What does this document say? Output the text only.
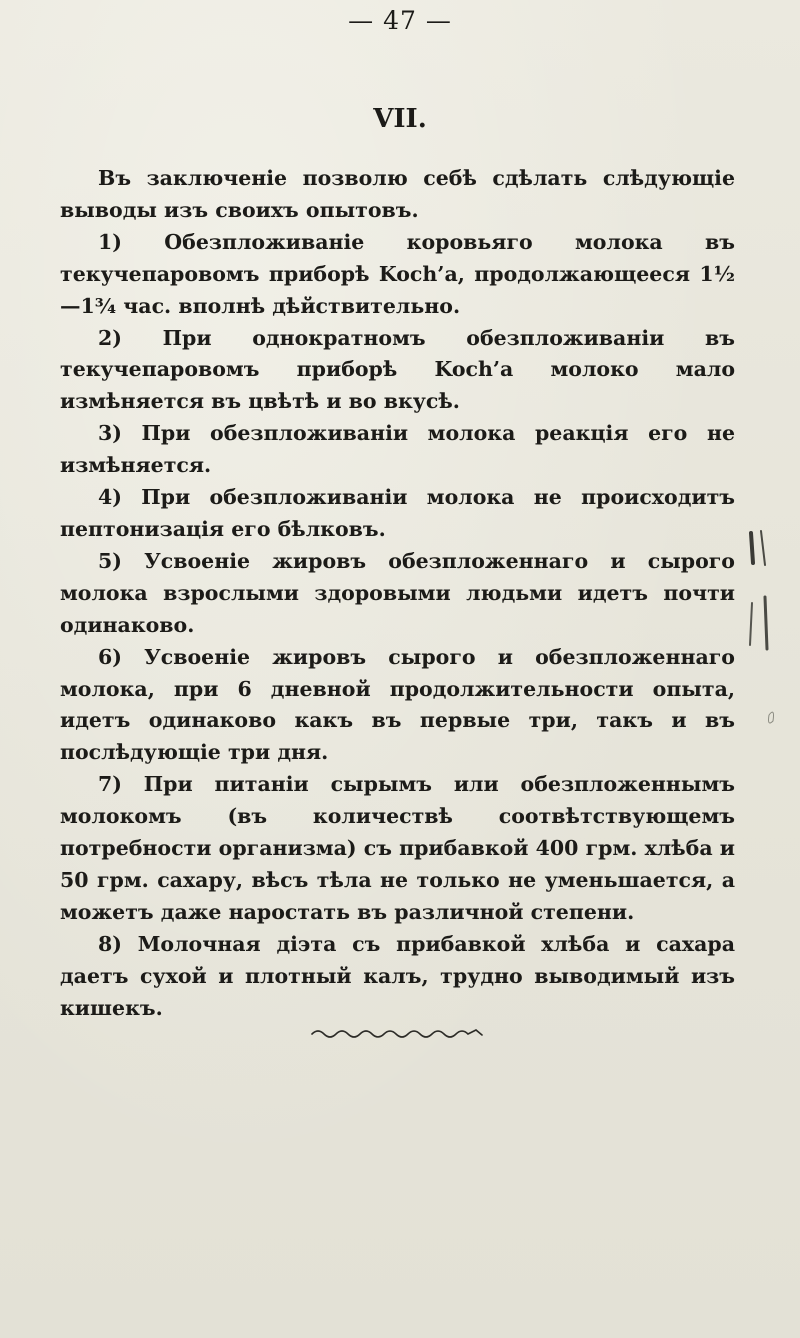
— 47 —
VII.

Въ заключеніе позволю себѣ сдѣлать слѣдующіе выводы изъ своихъ опытовъ.

1) Обезпложиваніе коровьяго молока въ текучепаровомъ приборѣ Koch’а, продолжающееся 1½—1¾ час. вполнѣ дѣйствительно.

2) При однократномъ обезпложиваніи въ текучепаровомъ приборѣ Koch’а молоко мало измѣняется въ цвѣтѣ и во вкусѣ.

3) При обезпложиваніи молока реакція его не измѣняется.

4) При обезпложиваніи молока не происходитъ пептонизація его бѣлковъ.

5) Усвоеніе жировъ обезпложеннаго и сырого молока взрослыми здоровыми людьми идетъ почти одинаково.

6) Усвоеніе жировъ сырого и обезпложеннаго молока, при 6 дневной продолжительности опыта, идетъ одинаково какъ въ первые три, такъ и въ послѣдующіе три дня.

7) При питаніи сырымъ или обезпложеннымъ молокомъ (въ количествѣ соотвѣтствующемъ потребности организма) съ прибавкой 400 грм. хлѣба и 50 грм. сахару, вѣсъ тѣла не только не уменьшается, а можетъ даже наростать въ различной степени.

8) Молочная діэта съ прибавкой хлѣба и сахара даетъ сухой и плотный калъ, трудно выводимый изъ кишекъ.
